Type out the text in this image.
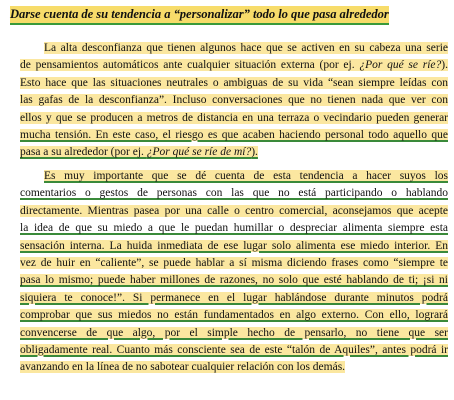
Darse cuenta de su tendencia a “personalizar” todo lo que pasa alrededor
La alta desconfianza que tienen algunos hace que se activen en su cabeza una serie
de pensamientos automáticos ante cualquier situación externa (por ej. ¿Por qué se ríe?).
Esto hace que las situaciones neutrales o ambiguas de su vida “sean siempre leídas con
las gafas de la desconfianza”. Incluso conversaciones que no tienen nada que ver con
ellos y que se producen a metros de distancia en una terraza o vecindario pueden generar
mucha tensión. En este caso, el riesgo es que acaben haciendo personal todo aquello que
pasa a su alrededor (por ej. ¿Por qué se ríe de mí?).
Es muy importante que se dé cuenta de esta tendencia a hacer suyos los
comentarios o gestos de personas con las que no está participando o hablando
directamente. Mientras pasea por una calle o centro comercial, aconsejamos que acepte
la idea de que su miedo a que le puedan humillar o despreciar alimenta siempre esta
sensación interna. La huida inmediata de ese lugar solo alimenta ese miedo interior. En
vez de huir en “caliente”, se puede hablar a sí misma diciendo frases como “siempre te
pasa lo mismo; puede haber millones de razones, no solo que esté hablando de ti; ¡si ni
siquiera te conoce!”. Si permanece en el lugar hablándose durante minutos podrá
comprobar que sus miedos no están fundamentados en algo externo. Con ello, logrará
convencerse de que algo, por el simple hecho de pensarlo, no tiene que ser
obligadamente real. Cuanto más consciente sea de este “talón de Aquiles”, antes podrá ir
avanzando en la línea de no sabotear cualquier relación con los demás.
